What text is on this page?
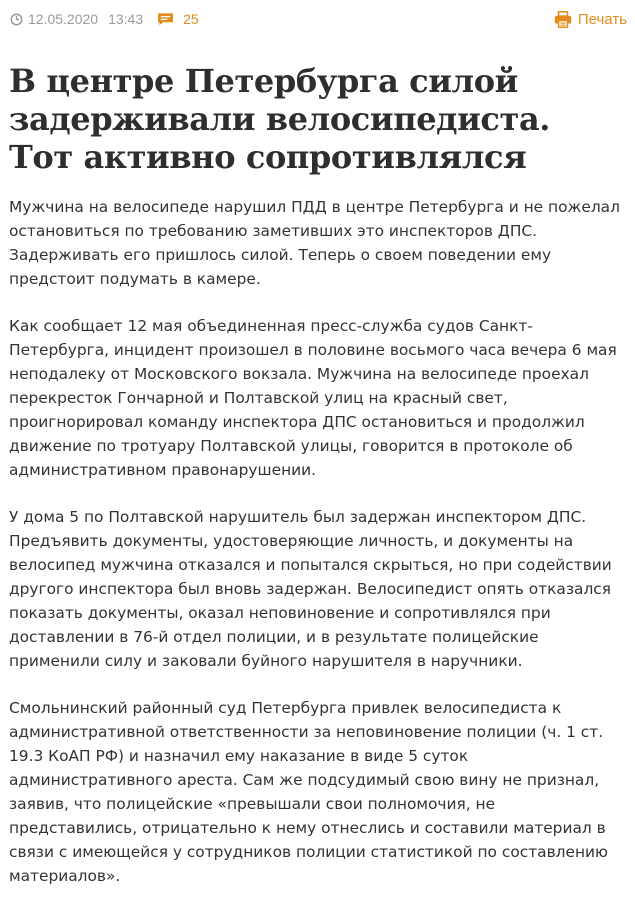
12.05.2020 13:43	25	Печать
В центре Петербурга силой задерживали велосипедиста. Тот активно сопротивлялся

Мужчина на велосипеде нарушил ПДД в центре Петербурга и не пожелал остановиться по требованию заметивших это инспекторов ДПС. Задерживать его пришлось силой. Теперь о своем поведении ему предстоит подумать в камере.

Как сообщает 12 мая объединенная пресс-служба судов Санкт-Петербурга, инцидент произошел в половине восьмого часа вечера 6 мая неподалеку от Московского вокзала. Мужчина на велосипеде проехал перекресток Гончарной и Полтавской улиц на красный свет, проигнорировал команду инспектора ДПС остановиться и продолжил движение по тротуару Полтавской улицы, говорится в протоколе об административном правонарушении.

У дома 5 по Полтавской нарушитель был задержан инспектором ДПС. Предъявить документы, удостоверяющие личность, и документы на велосипед мужчина отказался и попытался скрыться, но при содействии другого инспектора был вновь задержан. Велосипедист опять отказался показать документы, оказал неповиновение и сопротивлялся при доставлении в 76-й отдел полиции, и в результате полицейские применили силу и заковали буйного нарушителя в наручники.

Смольнинский районный суд Петербурга привлек велосипедиста к административной ответственности за неповиновение полиции (ч. 1 ст. 19.3 КоАП РФ) и назначил ему наказание в виде 5 суток административного ареста. Сам же подсудимый свою вину не признал, заявив, что полицейские «превышали свои полномочия, не представились, отрицательно к нему отнеслись и составили материал в связи с имеющейся у сотрудников полиции статистикой по составлению материалов».
